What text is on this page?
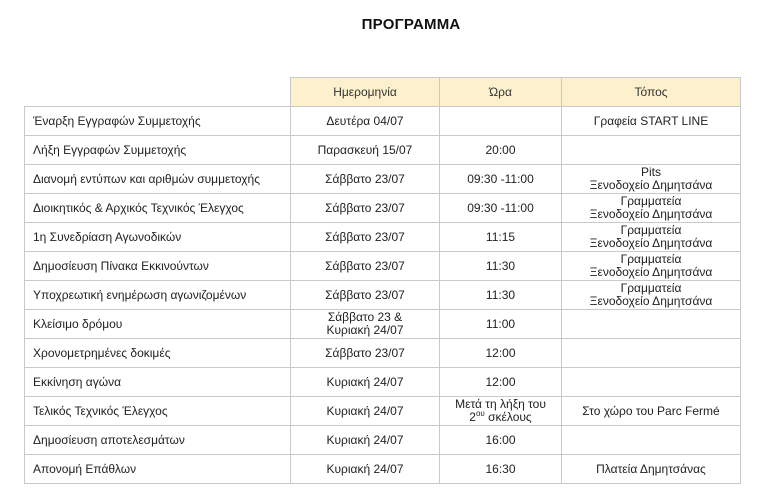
ΠΡΟΓΡΑΜΜΑ
	Ημερομηνία	Ώρα	Τόπος
Έναρξη Εγγραφών Συμμετοχής	Δευτέρα 04/07		Γραφεία START LINE

Λήξη Εγγραφών Συμμετοχής	Παρασκευή 15/07	20:00	

Διανομή εντύπων και αριθμών συμμετοχής	Σάββατο 23/07	09:30 -11:00	Pits
Ξενοδοχείο Δημητσάνα

Διοικητικός & Αρχικός Τεχνικός Έλεγχος	Σάββατο 23/07	09:30 -11:00	Γραμματεία
Ξενοδοχείο Δημητσάνα

1η Συνεδρίαση Αγωνοδικών	Σάββατο 23/07	11:15	Γραμματεία
Ξενοδοχείο Δημητσάνα

Δημοσίευση Πίνακα Εκκινούντων	Σάββατο 23/07	11:30	Γραμματεία
Ξενοδοχείο Δημητσάνα

Υποχρεωτική ενημέρωση αγωνιζομένων	Σάββατο 23/07	11:30	Γραμματεία
Ξενοδοχείο Δημητσάνα

Κλείσιμο δρόμου	Σάββατο 23 &
Κυριακή 24/07	11:00	

Χρονομετρημένες δοκιμές	Σάββατο 23/07	12:00	

Εκκίνηση αγώνα	Κυριακή 24/07	12:00	

Τελικός Τεχνικός Έλεγχος	Κυριακή 24/07	Μετά τη λήξη του
$2^{o\upsilon}$ σκέλους	Στο χώρο του Parc Fermé

Δημοσίευση αποτελεσμάτων	Κυριακή 24/07	16:00	

Απονομή Επάθλων	Κυριακή 24/07	16:30	Πλατεία Δημητσάνας
